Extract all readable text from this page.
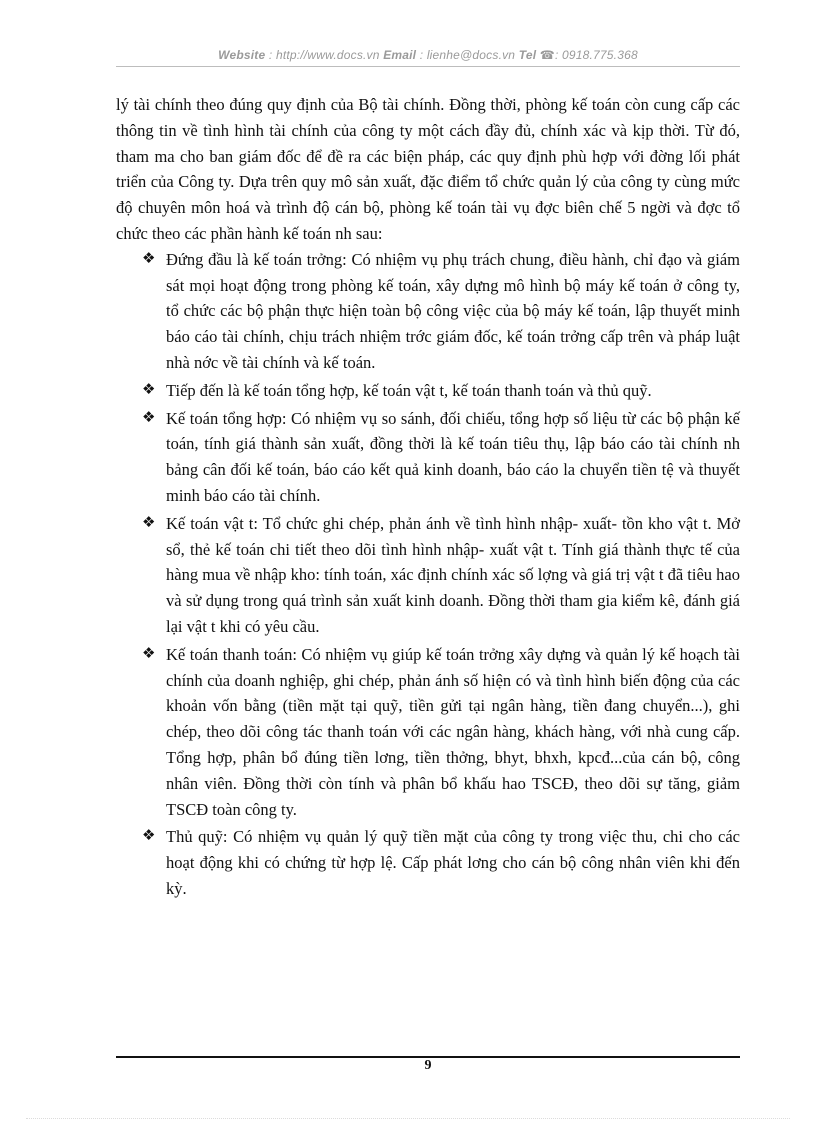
Website : http://www.docs.vn Email : lienhe@docs.vn Tel ☎: 0918.775.368

lý tài chính theo đúng quy định của Bộ tài chính. Đồng thời, phòng kế toán còn cung cấp các thông tin về tình hình tài chính của công ty một cách đầy đủ, chính xác và kịp thời. Từ đó, tham ma cho ban giám đốc để đề ra các biện pháp, các quy định phù hợp với đờng lối phát triển của Công ty. Dựa trên quy mô sản xuất, đặc điểm tổ chức quản lý của công ty cùng mức độ chuyên môn hoá và trình độ cán bộ, phòng kế toán tài vụ đợc biên chế 5 ngời và đợc tổ chức theo các phần hành kế toán nh sau:

❖ Đứng đầu là kế toán trởng: Có nhiệm vụ phụ trách chung, điều hành, chỉ đạo và giám sát mọi hoạt động trong phòng kế toán, xây dựng mô hình bộ máy kế toán ở công ty, tổ chức các bộ phận thực hiện toàn bộ công việc của bộ máy kế toán, lập thuyết minh báo cáo tài chính, chịu trách nhiệm trớc giám đốc, kế toán trởng cấp trên và pháp luật nhà nớc về tài chính và kế toán.
❖ Tiếp đến là kế toán tổng hợp, kế toán vật t, kế toán thanh toán và thủ quỹ.
❖ Kế toán tổng hợp: Có nhiệm vụ so sánh, đối chiếu, tổng hợp số liệu từ các bộ phận kế toán, tính giá thành sản xuất, đồng thời là kế toán tiêu thụ, lập báo cáo tài chính nh bảng cân đối kế toán, báo cáo kết quả kinh doanh, báo cáo la chuyển tiền tệ và thuyết minh báo cáo tài chính.
❖ Kế toán vật t: Tổ chức ghi chép, phản ánh về tình hình nhập- xuất- tồn kho vật t. Mở sổ, thẻ kế toán chi tiết theo dõi tình hình nhập- xuất vật t. Tính giá thành thực tế của hàng mua về nhập kho: tính toán, xác định chính xác số lợng và giá trị vật t đã tiêu hao và sử dụng trong quá trình sản xuất kinh doanh. Đồng thời tham gia kiểm kê, đánh giá lại vật t khi có yêu cầu.
❖ Kế toán thanh toán: Có nhiệm vụ giúp kế toán trởng xây dựng và quản lý kế hoạch tài chính của doanh nghiệp, ghi chép, phản ánh số hiện có và tình hình biến động của các khoản vốn bằng (tiền mặt tại quỹ, tiền gửi tại ngân hàng, tiền đang chuyển...), ghi chép, theo dõi công tác thanh toán với các ngân hàng, khách hàng, với nhà cung cấp. Tổng hợp, phân bổ đúng tiền lơng, tiền thởng, bhyt, bhxh, kpcđ...của cán bộ, công nhân viên. Đồng thời còn tính và phân bổ khấu hao TSCĐ, theo dõi sự tăng, giảm TSCĐ toàn công ty.
❖ Thủ quỹ: Có nhiệm vụ quản lý quỹ tiền mặt của công ty trong việc thu, chi cho các hoạt động khi có chứng từ hợp lệ. Cấp phát lơng cho cán bộ công nhân viên khi đến kỳ.
9
